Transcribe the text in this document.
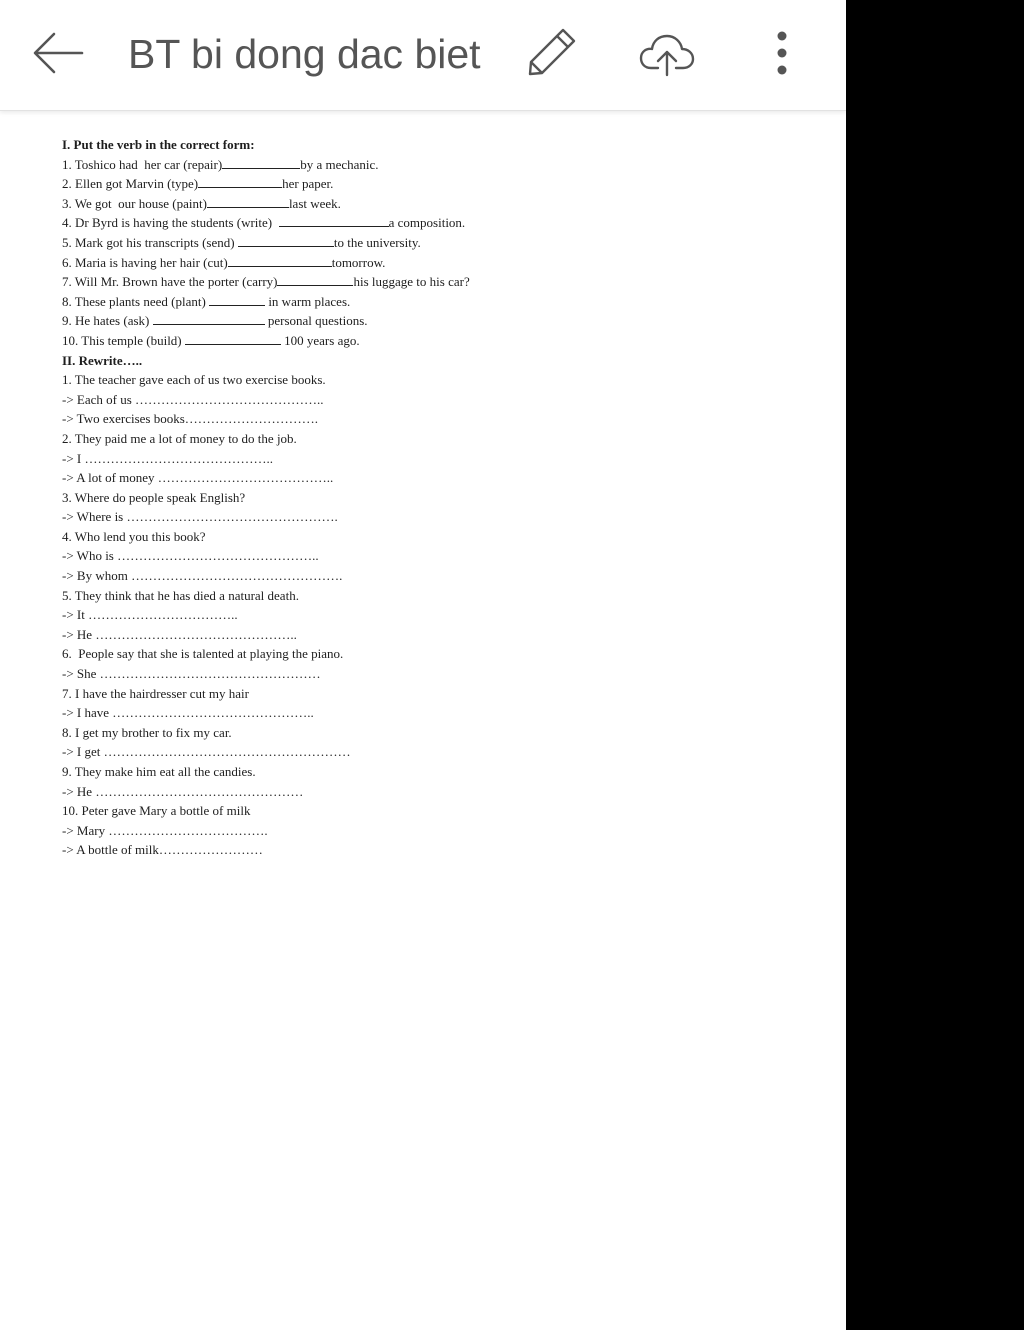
BT bi dong dac biet
I. Put the verb in the correct form:
1. Toshico had  her car (repair)	by a mechanic.
2. Ellen got Marvin (type)	her paper.
3. We got  our house (paint)	last week.
4. Dr Byrd is having the students (write)	a composition.
5. Mark got his transcripts (send)	to the university.
6. Maria is having her hair (cut)	tomorrow.
7. Will Mr. Brown have the porter (carry)	his luggage to his car?
8. These plants need (plant)	in warm places.
9. He hates (ask)	personal questions.
10. This temple (build)	100 years ago.
II. Rewrite…..
1. The teacher gave each of us two exercise books.
-> Each of us ……………………………………..
-> Two exercises books………………………….
2. They paid me a lot of money to do the job.
-> I ……………………………………..
-> A lot of money …………………………………..
3. Where do people speak English?
-> Where is ………………………………………….
4. Who lend you this book?
-> Who is ………………………………………..
-> By whom ………………………………………….
5. They think that he has died a natural death.
-> It ……………………………..
-> He ………………………………………..
6.  People say that she is talented at playing the piano.
-> She ……………………………………………
7. I have the hairdresser cut my hair
-> I have ………………………………………..
8. I get my brother to fix my car.
-> I get …………………………………………………
9. They make him eat all the candies.
-> He …………………………………………
10. Peter gave Mary a bottle of milk
-> Mary ……………………………….
-> A bottle of milk……………………
